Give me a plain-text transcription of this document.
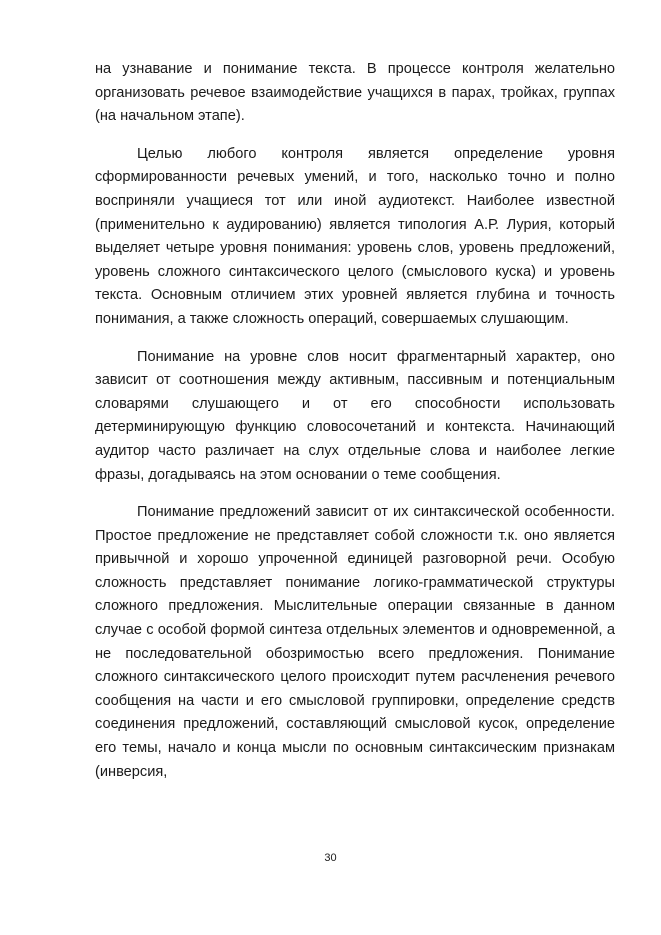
на узнавание и понимание текста. В процессе контроля желательно организовать речевое взаимодействие учащихся в парах, тройках, группах (на начальном этапе).

Целью любого контроля является определение уровня сформированности речевых умений, и того, насколько точно и полно восприняли учащиеся тот или иной аудиотекст. Наиболее известной (применительно к аудированию) является типология А.Р. Лурия, который выделяет четыре уровня понимания: уровень слов, уровень предложений, уровень сложного синтаксического целого (смыслового куска) и уровень текста. Основным отличием этих уровней является глубина и точность понимания, а также сложность операций, совершаемых слушающим.

Понимание на уровне слов носит фрагментарный характер, оно зависит от соотношения между активным, пассивным и потенциальным словарями слушающего и от его способности использовать детерминирующую функцию словосочетаний и контекста. Начинающий аудитор часто различает на слух отдельные слова и наиболее легкие фразы, догадываясь на этом основании о теме сообщения.

Понимание предложений зависит от их синтаксической особенности. Простое предложение не представляет собой сложности т.к. оно является привычной и хорошо упроченной единицей разговорной речи. Особую сложность представляет понимание логико-грамматической структуры сложного предложения. Мыслительные операции связанные в данном случае с особой формой синтеза отдельных элементов и одновременной, а не последовательной обозримостью всего предложения. Понимание сложного синтаксического целого происходит путем расчленения речевого сообщения на части и его смысловой группировки, определение средств соединения предложений, составляющий смысловой кусок, определение его темы, начало и конца мысли по основным синтаксическим признакам (инверсия,

30
